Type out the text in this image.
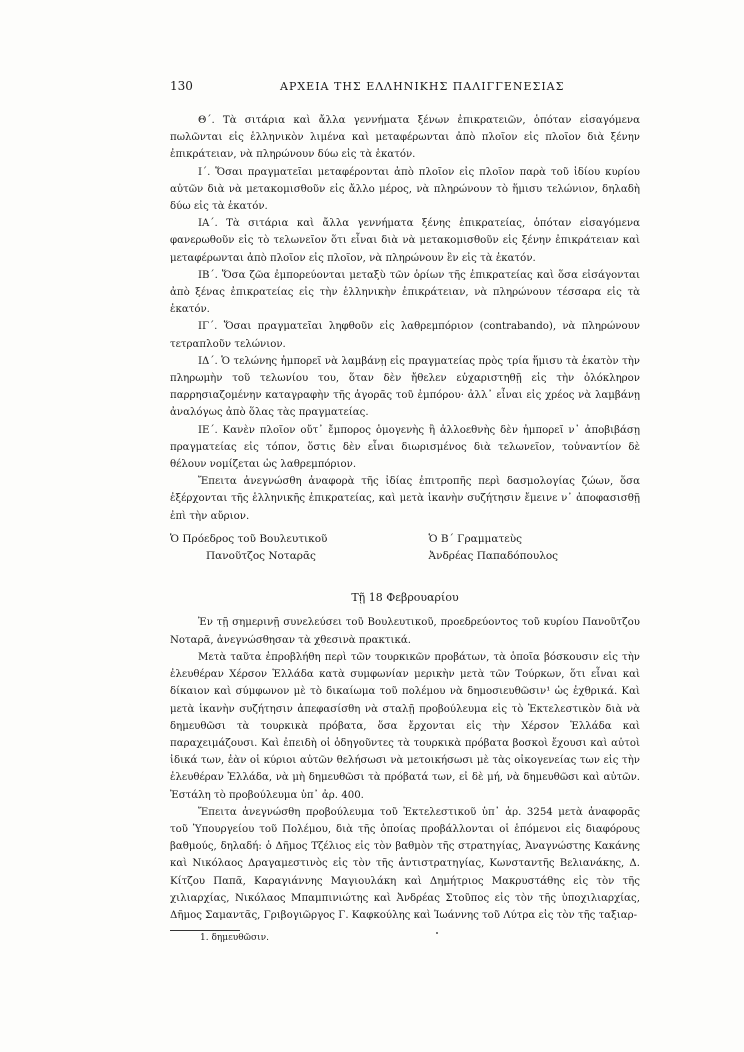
130	ΑΡΧΕΙΑ ΤΗΣ ΕΛΛΗΝΙΚΗΣ ΠΑΛΙΓΓΕΝΕΣΙΑΣ

Θ΄. Τὰ σιτάρια καὶ ἄλλα γεννήματα ξένων ἐπικρατειῶν, ὁπόταν εἰσαγόμενα πωλῶνται εἰς ἑλληνικὸν λιμένα καὶ μεταφέρωνται ἀπὸ πλοῖον εἰς πλοῖον διὰ ξένην ἐπικράτειαν, νὰ πληρώνουν δύω εἰς τὰ ἑκατόν.

Ι΄. Ὅσαι πραγματεῖαι μεταφέρονται ἀπὸ πλοῖον εἰς πλοῖον παρὰ τοῦ ἰδίου κυρίου αὐτῶν διὰ νὰ μετακομισθοῦν εἰς ἄλλο μέρος, νὰ πληρώνουν τὸ ἥμισυ τελώνιον, δηλαδὴ δύω εἰς τὰ ἑκατόν.

ΙΑ΄. Τὰ σιτάρια καὶ ἄλλα γεννήματα ξένης ἐπικρατείας, ὁπόταν εἰσαγόμενα φανερωθοῦν εἰς τὸ τελωνεῖον ὅτι εἶναι διὰ νὰ μετακομισθοῦν εἰς ξένην ἐπικράτειαν καὶ μεταφέρωνται ἀπὸ πλοῖον εἰς πλοῖον, νὰ πληρώνουν ἓν εἰς τὰ ἑκατόν.

ΙΒ΄. Ὅσα ζῶα ἐμπορεύονται μεταξὺ τῶν ὁρίων τῆς ἐπικρατείας καὶ ὅσα εἰσάγονται ἀπὸ ξένας ἐπικρατείας εἰς τὴν ἑλληνικὴν ἐπικράτειαν, νὰ πληρώνουν τέσσαρα εἰς τὰ ἑκατόν.

ΙΓ΄. Ὅσαι πραγματεῖαι ληφθοῦν εἰς λαθρεμπόριον (contrabando), νὰ πληρώνουν τετραπλοῦν τελώνιον.

ΙΔ΄. Ὁ τελώνης ἠμπορεῖ νὰ λαμβάνῃ εἰς πραγματείας πρὸς τρία ἥμισυ τὰ ἑκατὸν τὴν πληρωμὴν τοῦ τελωνίου του, ὅταν δὲν ἤθελεν εὐχαριστηθῇ εἰς τὴν ὁλόκληρον παρρησιαζομένην καταγραφὴν τῆς ἀγορᾶς τοῦ ἐμπόρου· ἀλλ᾽ εἶναι εἰς χρέος νὰ λαμβάνῃ ἀναλόγως ἀπὸ ὅλας τὰς πραγματείας.

ΙΕ΄. Κανὲν πλοῖον οὔτ᾽ ἔμπορος ὁμογενὴς ἢ ἀλλοεθνὴς δὲν ἠμπορεῖ ν᾽ ἀποβιβάσῃ πραγματείας εἰς τόπον, ὅστις δὲν εἶναι διωρισμένος διὰ τελωνεῖον, τοὐναντίον δὲ θέλουν νομίζεται ὡς λαθρεμπόριον.

Ἔπειτα ἀνεγνώσθη ἀναφορὰ τῆς ἰδίας ἐπιτροπῆς περὶ δασμολογίας ζώων, ὅσα ἐξέρχονται τῆς ἑλληνικῆς ἐπικρατείας, καὶ μετὰ ἱκανὴν συζήτησιν ἔμεινε ν᾽ ἀποφασισθῇ ἐπὶ τὴν αὔριον.

Ὁ Πρόεδρος τοῦ Βουλευτικοῦ
Πανοῦτζος Νοταρᾶς
Ὁ Β΄ Γραμματεὺς
Ἀνδρέας Παπαδόπουλος
Τῇ 18 Φεβρουαρίου

Ἐν τῇ σημερινῇ συνελεύσει τοῦ Βουλευτικοῦ, προεδρεύοντος τοῦ κυρίου Πανοῦτζου Νοταρᾶ, ἀνεγνώσθησαν τὰ χθεσινὰ πρακτικά.

Μετὰ ταῦτα ἐπροβλήθη περὶ τῶν τουρκικῶν προβάτων, τὰ ὁποῖα βόσκουσιν εἰς τὴν ἐλευθέραν Χέρσον Ἑλλάδα κατὰ συμφωνίαν μερικὴν μετὰ τῶν Τούρκων, ὅτι εἶναι καὶ δίκαιον καὶ σύμφωνον μὲ τὸ δικαίωμα τοῦ πολέμου νὰ δημοσιευθῶσιν¹ ὡς ἐχθρικά. Καὶ μετὰ ἱκανὴν συζήτησιν ἀπεφασίσθη νὰ σταλῇ προβούλευμα εἰς τὸ Ἐκτελεστικὸν διὰ νὰ δημευθῶσι τὰ τουρκικὰ πρόβατα, ὅσα ἔρχονται εἰς τὴν Χέρσον Ἑλλάδα καὶ παραχειμάζουσι. Καὶ ἐπειδὴ οἱ ὁδηγοῦντες τὰ τουρκικὰ πρόβατα βοσκοὶ ἔχουσι καὶ αὐτοὶ ἰδικά των, ἐὰν οἱ κύριοι αὐτῶν θελήσωσι νὰ μετοικήσωσι μὲ τὰς οἰκογενείας των εἰς τὴν ἐλευθέραν Ἑλλάδα, νὰ μὴ δημευθῶσι τὰ πρόβατά των, εἰ δὲ μή, νὰ δημευθῶσι καὶ αὐτῶν. Ἐστάλη τὸ προβούλευμα ὑπ᾽ ἀρ. 400.

Ἔπειτα ἀνεγνώσθη προβούλευμα τοῦ Ἐκτελεστικοῦ ὑπ᾽ ἀρ. 3254 μετὰ ἀναφορᾶς τοῦ Ὑπουργείου τοῦ Πολέμου, διὰ τῆς ὁποίας προβάλλονται οἱ ἑπόμενοι εἰς διαφόρους βαθμούς, δηλαδή: ὁ Δῆμος Τζέλιος εἰς τὸν βαθμὸν τῆς στρατηγίας, Ἀναγνώστης Κακάνης καὶ Νικόλαος Δραγαμεστινὸς εἰς τὸν τῆς ἀντιστρατηγίας, Κωνσταντῆς Βελιανάκης, Δ. Κίτζου Παπᾶ, Καραγιάννης Μαγιουλάκη καὶ Δημήτριος Μακρυστάθης εἰς τὸν τῆς χιλιαρχίας, Νικόλαος Μπαμπινιώτης καὶ Ἀνδρέας Στοῦπος εἰς τὸν τῆς ὑποχιλιαρχίας, Δῆμος Σαμαντᾶς, Γριβογιῶργος Γ. Καφκούλης καὶ Ἰωάννης τοῦ Λύτρα εἰς τὸν τῆς ταξιαρ-

1. δημευθῶσιν.
